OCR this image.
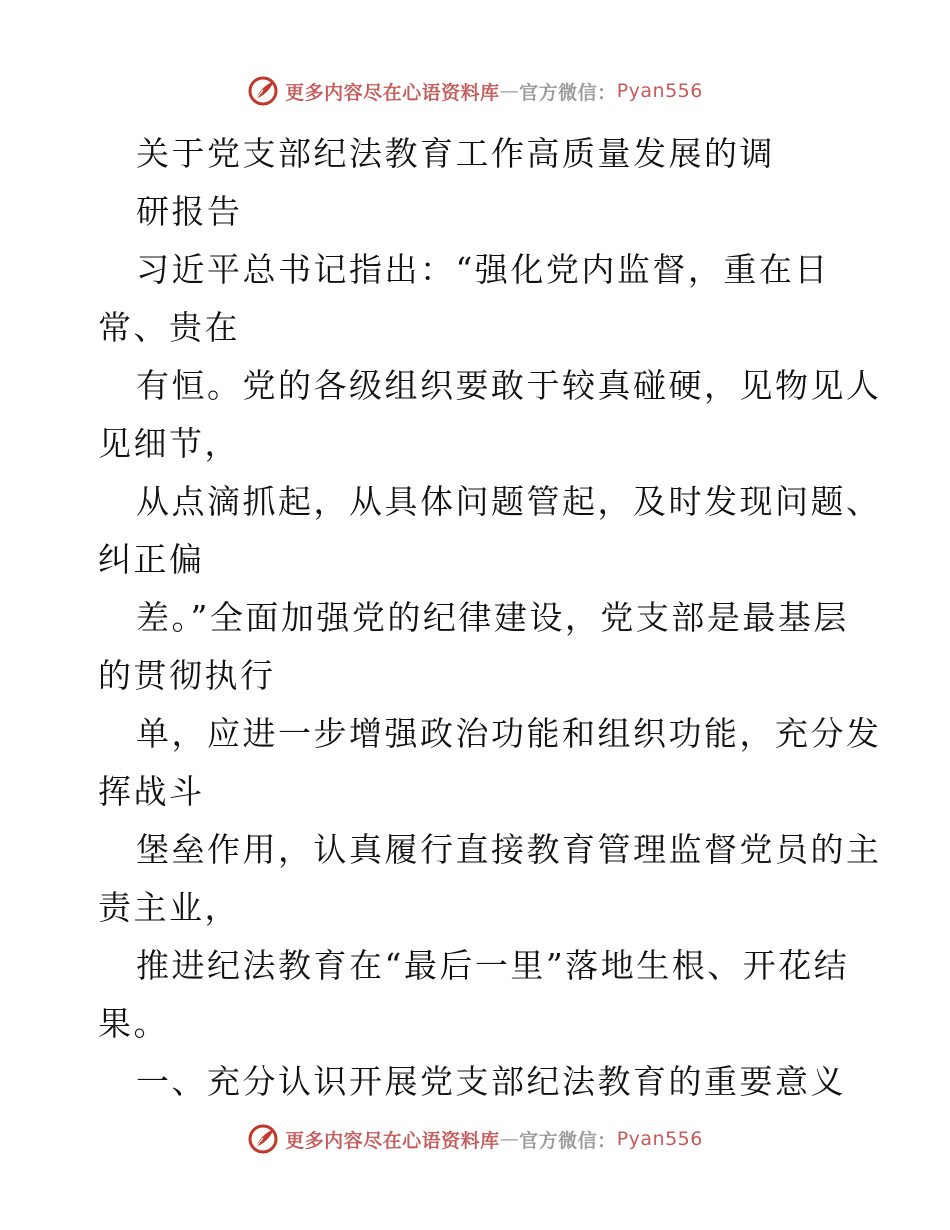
更多内容尽在心语资料库 — 官方微信： Pyan556
关于党支部纪法教育工作高质量发展的调
研报告
习近平总书记指出：“强化党内监督，重在日
常、贵在
有恒。党的各级组织要敢于较真碰硬，见物见人
见细节，
从点滴抓起，从具体问题管起，及时发现问题、
纠正偏
差。”全面加强党的纪律建设，党支部是最基层
的贯彻执行
单，应进一步增强政治功能和组织功能，充分发
挥战斗
堡垒作用，认真履行直接教育管理监督党员的主
责主业，
推进纪法教育在“最后一里”落地生根、开花结
果。
一、充分认识开展党支部纪法教育的重要意义
更多内容尽在心语资料库 — 官方微信： Pyan556
